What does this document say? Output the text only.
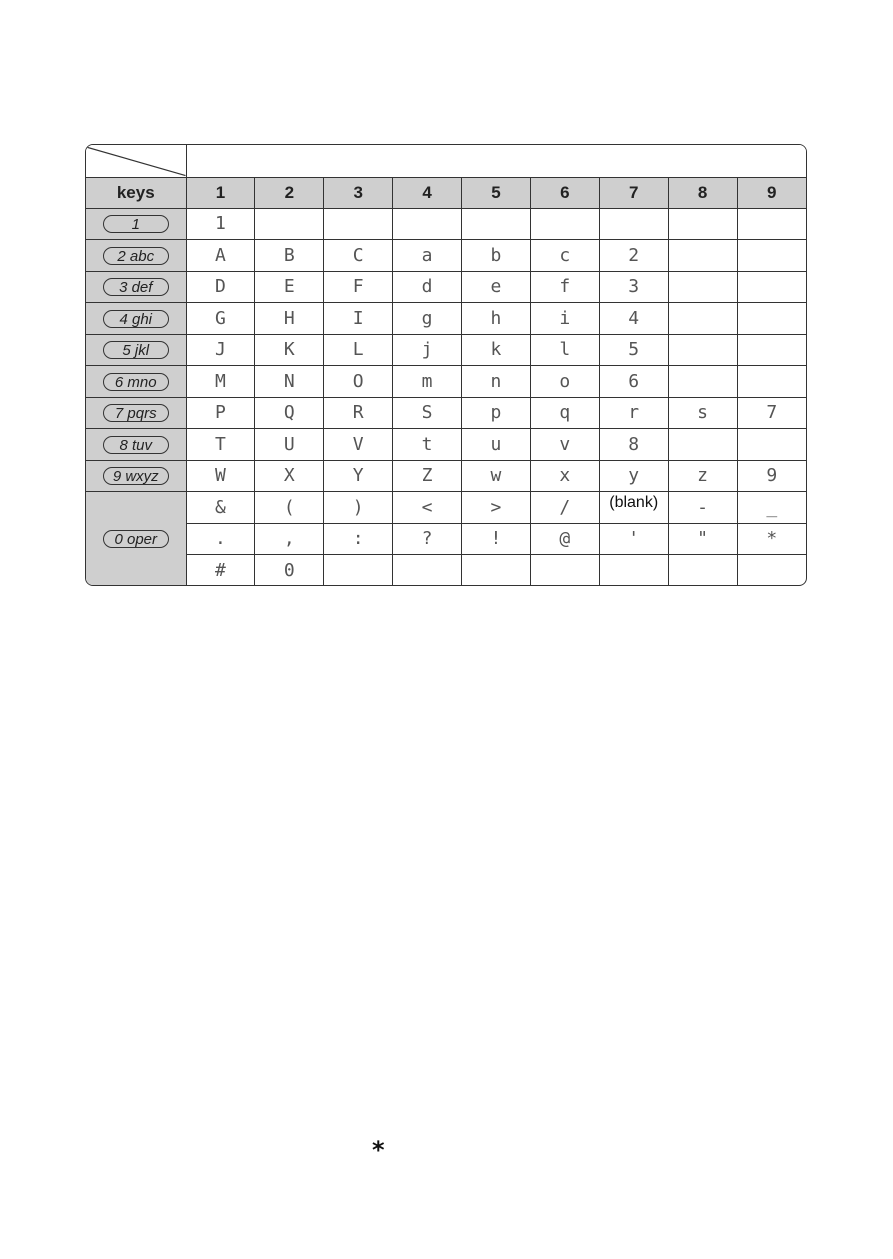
keys	1	2	3	4	5	6	7	8	9
1	1								
2 abc	A	B	C	a	b	c	2		
3 def	D	E	F	d	e	f	3		
4 ghi	G	H	I	g	h	i	4		
5 jkl	J	K	L	j	k	l	5		
6 mno	M	N	O	m	n	o	6		
7 pqrs	P	Q	R	S	p	q	r	s	7
8 tuv	T	U	V	t	u	v	8		
9 wxyz	W	X	Y	Z	w	x	y	z	9
0 oper	&	(	)	<	>	/	(blank)	-	_
	.	,	:	?	!	@	'	"	*
	#	0							
*
